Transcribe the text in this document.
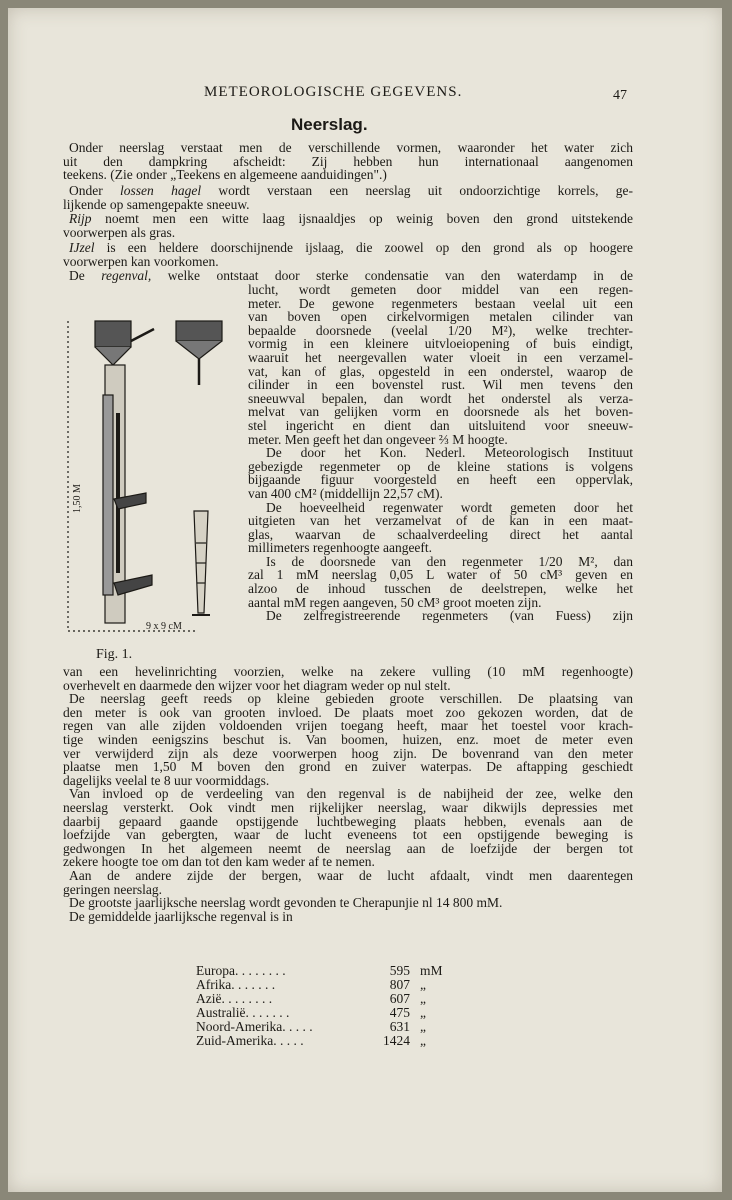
METEOROLOGISCHE GEGEVENS.	47
Neerslag.
Onder neerslag verstaat men de verschillende vormen, waaronder het water zich
uit den dampkring afscheidt: Zij hebben hun internationaal aangenomen
teekens. (Zie onder „Teekens en algemeene aanduidingen".)
Onder lossen hagel wordt verstaan een neerslag uit ondoorzichtige korrels, ge-
lijkende op samengepakte sneeuw.
Rijp noemt men een witte laag ijsnaaldjes op weinig boven den grond uitstekende
voorwerpen als gras.
IJzel is een heldere doorschijnende ijslaag, die zoowel op den grond als op hoogere
voorwerpen kan voorkomen.
De regenval, welke ontstaat door sterke condensatie van den waterdamp in de
lucht, wordt gemeten door middel van een regen-
meter. De gewone regenmeters bestaan veelal uit een
van boven open cirkelvormigen metalen cilinder van
bepaalde doorsnede (veelal 1/20 M²), welke trechter-
vormig in een kleinere uitvloeiopening of buis eindigt,
waaruit het neergevallen water vloeit in een verzamel-
vat, kan of glas, opgesteld in een onderstel, waarop de
cilinder in een bovenstel rust. Wil men tevens den
sneeuwval bepalen, dan wordt het onderstel als verza-
melvat van gelijken vorm en doorsnede als het boven-
stel ingericht en dient dan uitsluitend voor sneeuw-
meter. Men geeft het dan ongeveer ⅔ M hoogte.
De door het Kon. Nederl. Meteorologisch Instituut
gebezigde regenmeter op de kleine stations is volgens
bijgaande figuur voorgesteld en heeft een oppervlak,
van 400 cM² (middellijn 22,57 cM).
De hoeveelheid regenwater wordt gemeten door het
uitgieten van het verzamelvat of de kan in een maat-
glas, waarvan de schaalverdeeling direct het aantal
millimeters regenhoogte aangeeft.
Is de doorsnede van den regenmeter 1/20 M², dan
zal 1 mM neerslag 0,05 L water of 50 cM³ geven en
alzoo de inhoud tusschen de deelstrepen, welke het
aantal mM regen aangeven, 50 cM³ groot moeten zijn.
De zelfregistreerende regenmeters (van Fuess) zijn
1,50 M
9 x 9 cM
Fig. 1.
van een hevelinrichting voorzien, welke na zekere vulling (10 mM regenhoogte)
overhevelt en daarmede den wijzer voor het diagram weder op nul stelt.
De neerslag geeft reeds op kleine gebieden groote verschillen. De plaatsing van
den meter is ook van grooten invloed. De plaats moet zoo gekozen worden, dat de
regen van alle zijden voldoenden vrijen toegang heeft, maar het toestel voor krach-
tige winden eenigszins beschut is. Van boomen, huizen, enz. moet de meter even
ver verwijderd zijn als deze voorwerpen hoog zijn. De bovenrand van den meter
plaatse men 1,50 M boven den grond en zuiver waterpas. De aftapping geschiedt
dagelijks veelal te 8 uur voormiddags.
Van invloed op de verdeeling van den regenval is de nabijheid der zee, welke den
neerslag versterkt. Ook vindt men rijkelijker neerslag, waar dikwijls depressies met
daarbij gepaard gaande opstijgende luchtbeweging plaats hebben, evenals aan de
loefzijde van gebergten, waar de lucht eveneens tot een opstijgende beweging is
gedwongen In het algemeen neemt de neerslag aan de loefzijde der bergen tot
zekere hoogte toe om dan tot den kam weder af te nemen.
Aan de andere zijde der bergen, waar de lucht afdaalt, vindt men daarentegen
geringen neerslag.
De grootste jaarlijksche neerslag wordt gevonden te Cherapunjie nl 14 800 mM.
De gemiddelde jaarlijksche regenval is in
Europa. . . . . . . .	595	mM
Afrika. . . . . . .	807	„
Azië. . . . . . . .	607	„
Australië. . . . . . .	475	„
Noord-Amerika. . . . .	631	„
Zuid-Amerika. . . . .	1424	„
